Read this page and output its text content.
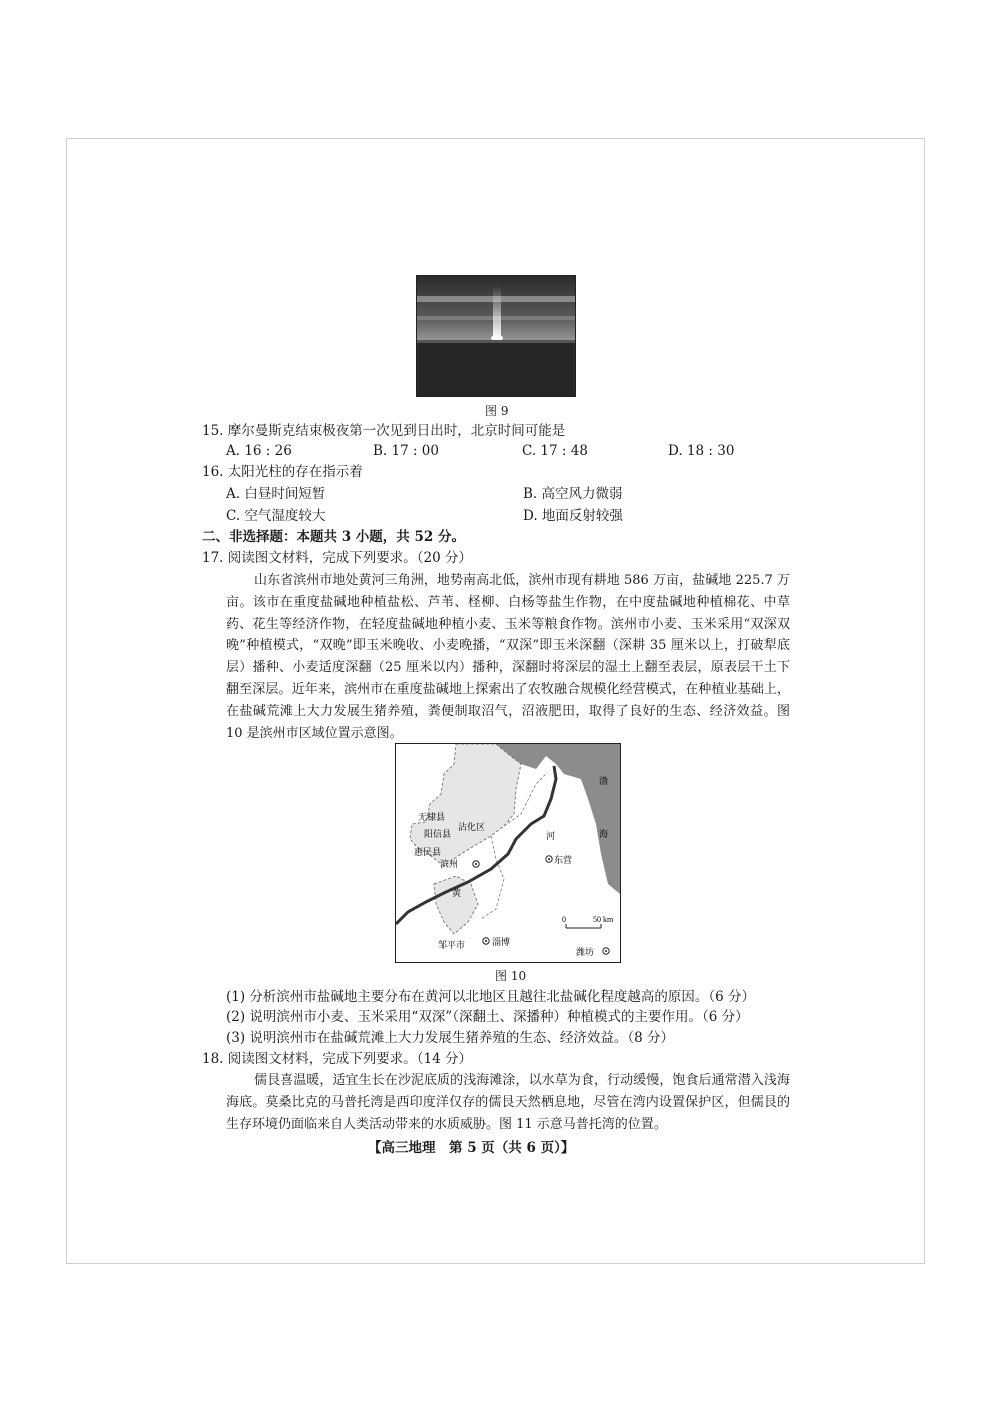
图 9
15. 摩尔曼斯克结束极夜第一次见到日出时，北京时间可能是
A. 16 : 26	B. 17 : 00	C. 17 : 48	D. 18 : 30
16. 太阳光柱的存在指示着
A. 白昼时间短暂	B. 高空风力微弱
C. 空气湿度较大	D. 地面反射较强
二、非选择题：本题共 3 小题，共 52 分。
17. 阅读图文材料，完成下列要求。（20 分）
山东省滨州市地处黄河三角洲，地势南高北低，滨州市现有耕地 586 万亩，盐碱地 225.7 万亩。该市在重度盐碱地种植盐松、芦苇、柽柳、白杨等盐生作物，在中度盐碱地种植棉花、中草药、花生等经济作物，在轻度盐碱地种植小麦、玉米等粮食作物。滨州市小麦、玉米采用“双深双晚”种植模式，“双晚”即玉米晚收、小麦晚播，“双深”即玉米深翻（深耕 35 厘米以上，打破犁底层）播种、小麦适度深翻（25 厘米以内）播种，深翻时将深层的湿土上翻至表层，原表层干土下翻至深层。近年来，滨州市在重度盐碱地上探索出了农牧融合规模化经营模式，在种植业基础上，在盐碱荒滩上大力发展生猪养殖，粪便制取沼气，沼液肥田，取得了良好的生态、经济效益。图 10 是滨州市区域位置示意图。
无棣县
阳信县
沾化区
惠民县
滨州	东营
河
黄
渤
海
邹平市	淄博
潍坊
0	50 km
图 10
(1) 分析滨州市盐碱地主要分布在黄河以北地区且越往北盐碱化程度越高的原因。（6 分）
(2) 说明滨州市小麦、玉米采用“双深”（深翻土、深播种）种植模式的主要作用。（6 分）
(3) 说明滨州市在盐碱荒滩上大力发展生猪养殖的生态、经济效益。（8 分）
18. 阅读图文材料，完成下列要求。（14 分）
儒艮喜温暖，适宜生长在沙泥底质的浅海滩涂，以水草为食，行动缓慢，饱食后通常潜入浅海海底。莫桑比克的马普托湾是西印度洋仅存的儒艮天然栖息地，尽管在湾内设置保护区，但儒艮的生存环境仍面临来自人类活动带来的水质威胁。图 11 示意马普托湾的位置。
【高三地理　第 5 页（共 6 页）】
